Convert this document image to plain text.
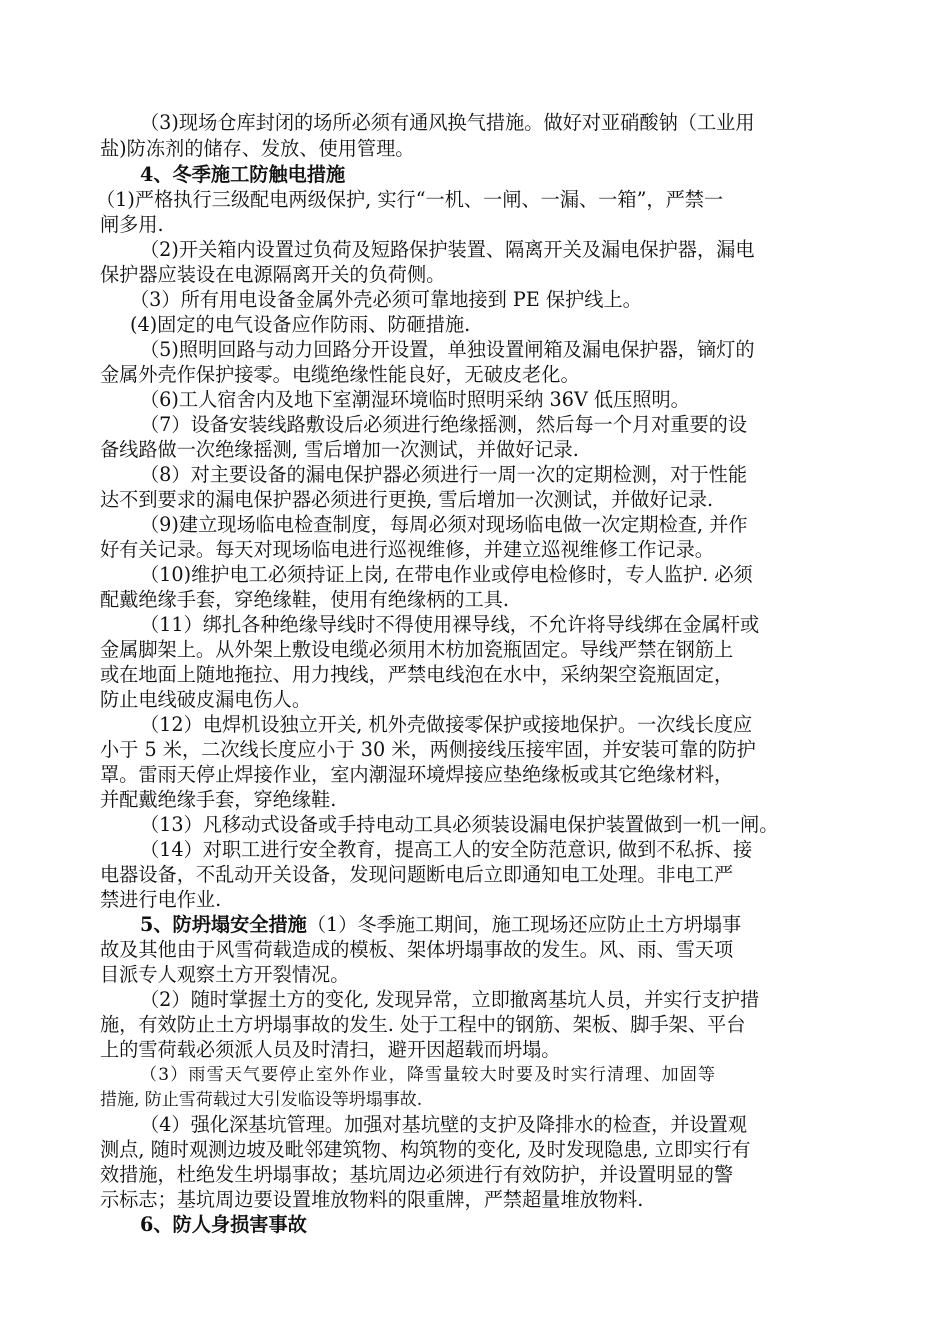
（3)现场仓库封闭的场所必须有通风换气措施。做好对亚硝酸钠（工业用
盐)防冻剂的储存、发放、使用管理。
4、冬季施工防触电措施
（1)严格执行三级配电两级保护, 实行“一机、一闸、一漏、一箱”，严禁一
闸多用.
（2)开关箱内设置过负荷及短路保护装置、隔离开关及漏电保护器，漏电
保护器应装设在电源隔离开关的负荷侧。
（3）所有用电设备金属外壳必须可靠地接到 PE 保护线上。
(4)固定的电气设备应作防雨、防砸措施.
（5)照明回路与动力回路分开设置，单独设置闸箱及漏电保护器，镝灯的
金属外壳作保护接零。电缆绝缘性能良好，无破皮老化。
（6)工人宿舍内及地下室潮湿环境临时照明采纳 36V 低压照明。
（7）设备安装线路敷设后必须进行绝缘摇测，然后每一个月对重要的设
备线路做一次绝缘摇测, 雪后增加一次测试，并做好记录.
（8）对主要设备的漏电保护器必须进行一周一次的定期检测，对于性能
达不到要求的漏电保护器必须进行更换, 雪后增加一次测试，并做好记录.
（9)建立现场临电检查制度，每周必须对现场临电做一次定期检查, 并作
好有关记录。每天对现场临电进行巡视维修，并建立巡视维修工作记录。
（10)维护电工必须持证上岗, 在带电作业或停电检修时，专人监护. 必须
配戴绝缘手套，穿绝缘鞋，使用有绝缘柄的工具.
（11）绑扎各种绝缘导线时不得使用裸导线，不允许将导线绑在金属杆或
金属脚架上。从外架上敷设电缆必须用木枋加瓷瓶固定。导线严禁在钢筋上
或在地面上随地拖拉、用力拽线，严禁电线泡在水中，采纳架空瓷瓶固定，
防止电线破皮漏电伤人。
（12）电焊机设独立开关, 机外壳做接零保护或接地保护。一次线长度应
小于 5 米，二次线长度应小于 30 米，两侧接线压接牢固，并安装可靠的防护
罩。雷雨天停止焊接作业，室内潮湿环境焊接应垫绝缘板或其它绝缘材料，
并配戴绝缘手套，穿绝缘鞋.
（13）凡移动式设备或手持电动工具必须装设漏电保护装置做到一机一闸。
（14）对职工进行安全教育，提高工人的安全防范意识, 做到不私拆、接
电器设备，不乱动开关设备，发现问题断电后立即通知电工处理。非电工严
禁进行电作业.
5、防坍塌安全措施（1）冬季施工期间，施工现场还应防止土方坍塌事
故及其他由于风雪荷载造成的模板、架体坍塌事故的发生。风、雨、雪天项
目派专人观察土方开裂情况。
（2）随时掌握土方的变化, 发现异常，立即撤离基坑人员，并实行支护措
施，有效防止土方坍塌事故的发生. 处于工程中的钢筋、架板、脚手架、平台
上的雪荷载必须派人员及时清扫，避开因超载而坍塌。
（3）雨雪天气要停止室外作业，降雪量较大时要及时实行清理、加固等
措施, 防止雪荷载过大引发临设等坍塌事故.
（4）强化深基坑管理。加强对基坑壁的支护及降排水的检查，并设置观
测点, 随时观测边坡及毗邻建筑物、构筑物的变化, 及时发现隐患, 立即实行有
效措施，杜绝发生坍塌事故；基坑周边必须进行有效防护，并设置明显的警
示标志；基坑周边要设置堆放物料的限重牌，严禁超量堆放物料.
6、防人身损害事故
